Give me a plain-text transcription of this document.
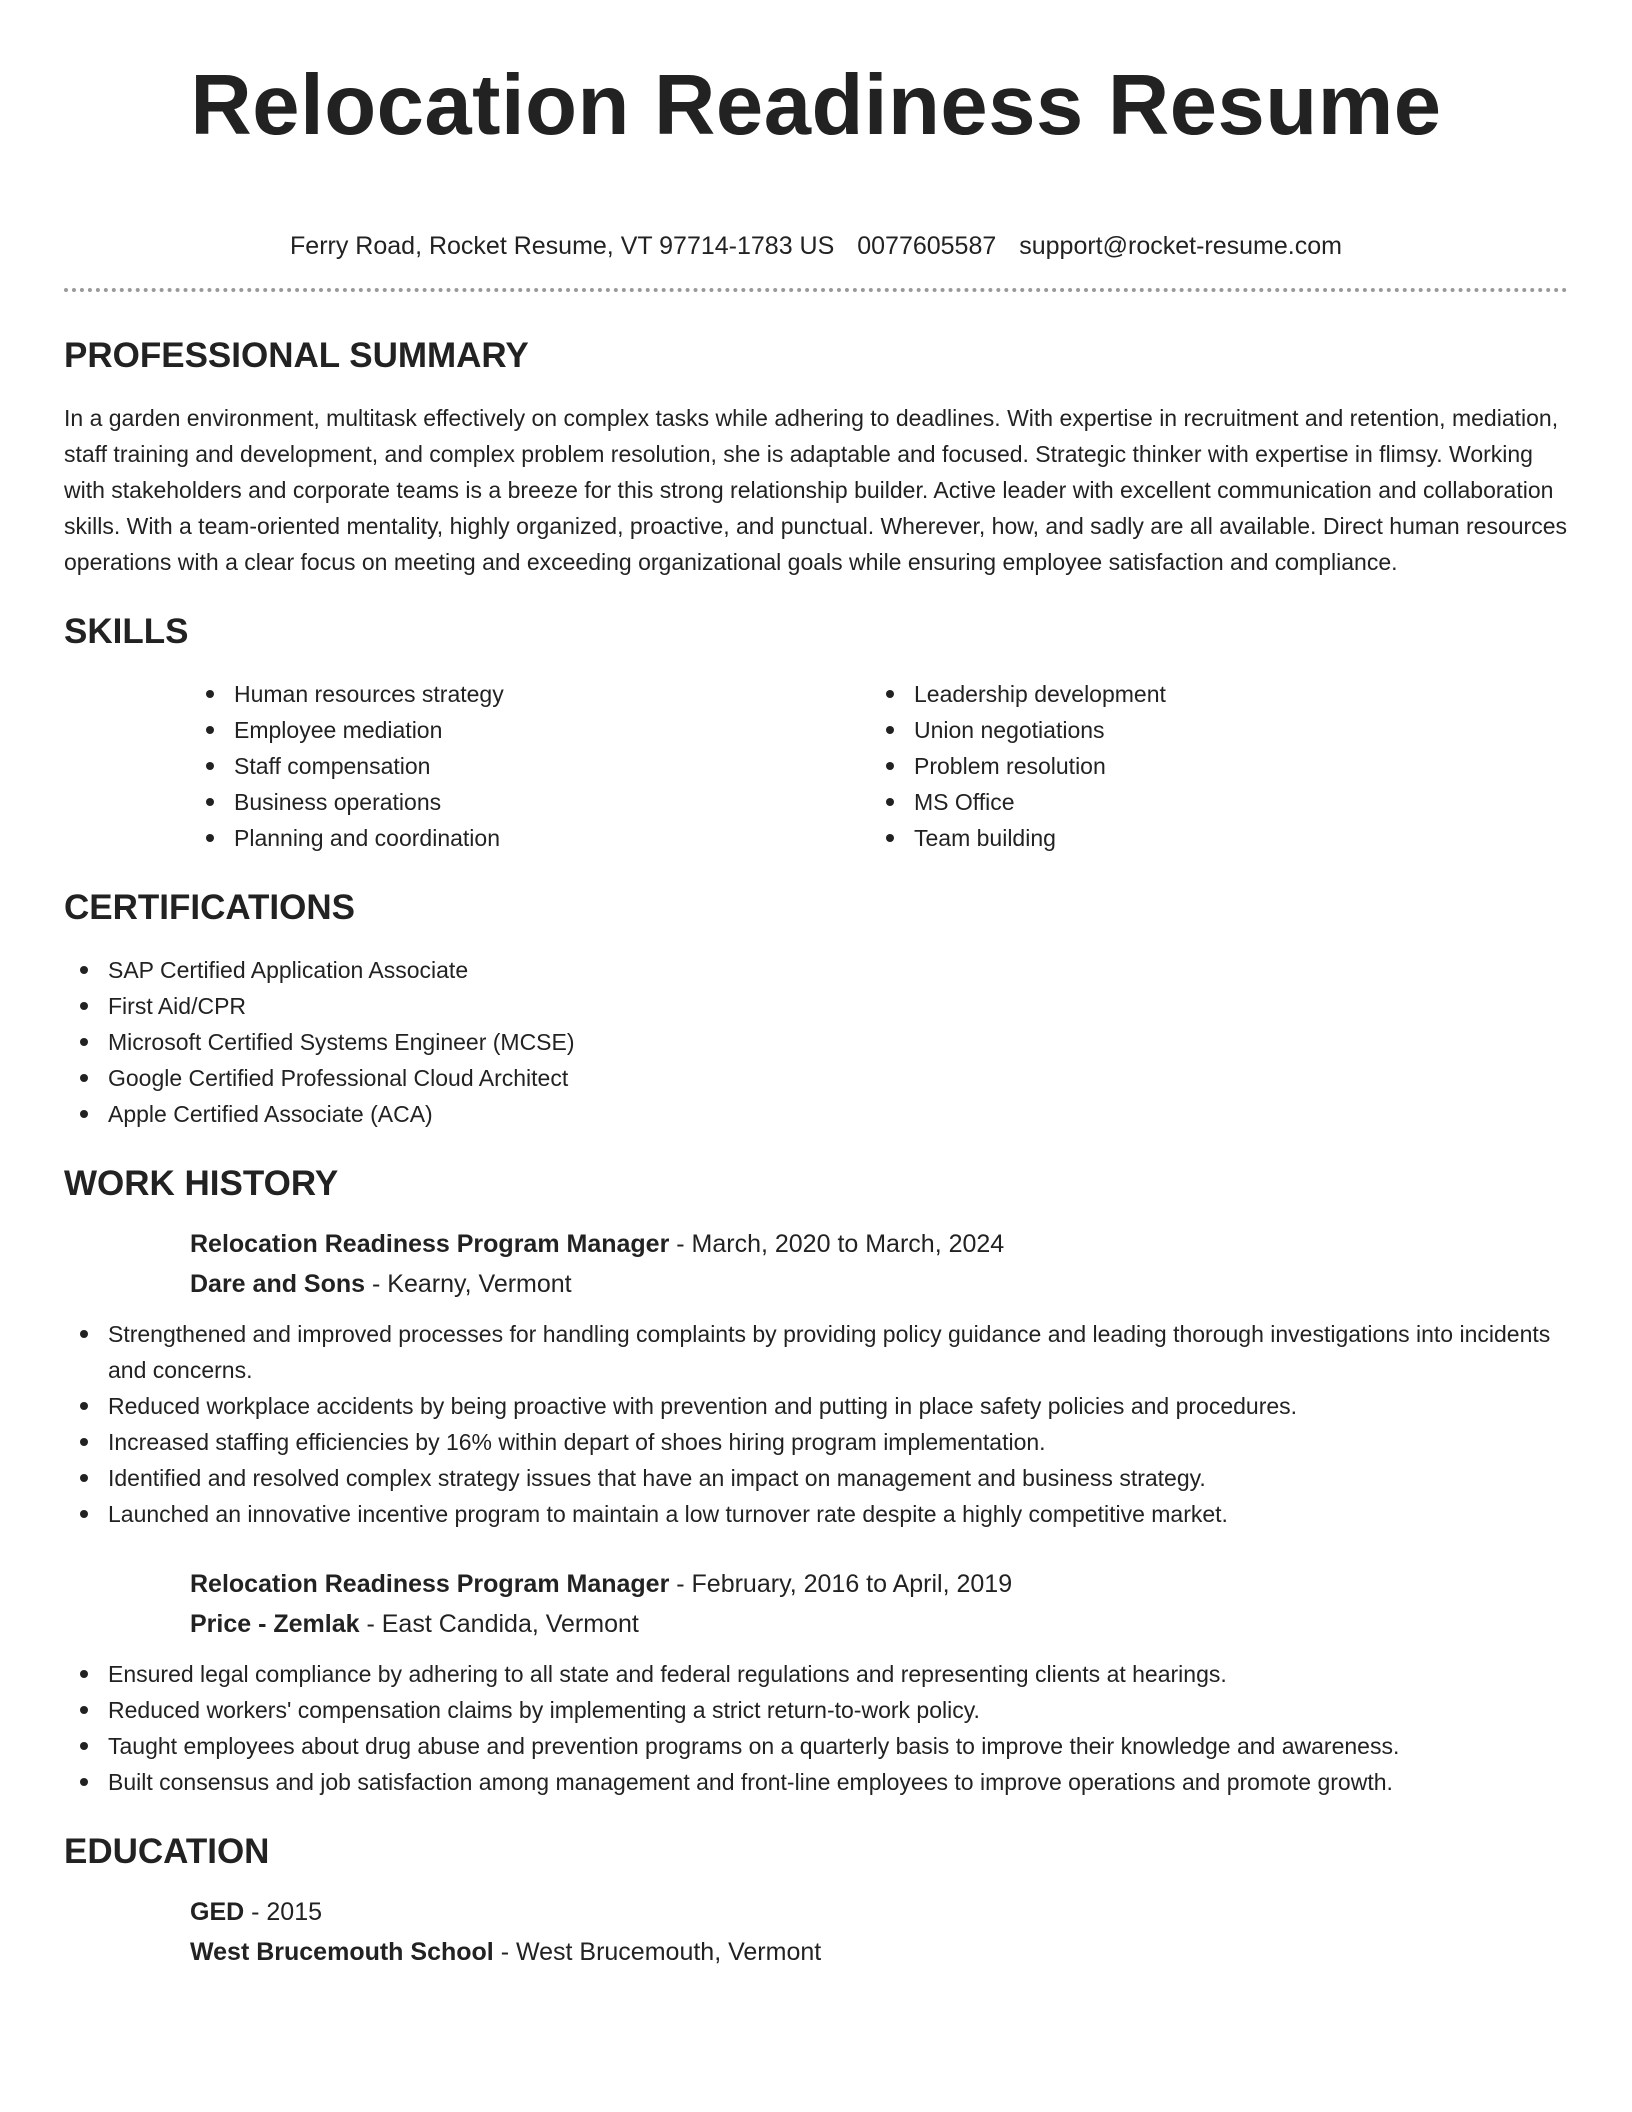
Relocation Readiness Resume
Ferry Road, Rocket Resume, VT 97714-1783 US 0077605587 support@rocket-resume.com
PROFESSIONAL SUMMARY

In a garden environment, multitask effectively on complex tasks while adhering to deadlines. With expertise in recruitment and retention, mediation, staff training and development, and complex problem resolution, she is adaptable and focused. Strategic thinker with expertise in flimsy. Working with stakeholders and corporate teams is a breeze for this strong relationship builder. Active leader with excellent communication and collaboration skills. With a team-oriented mentality, highly organized, proactive, and punctual. Wherever, how, and sadly are all available. Direct human resources operations with a clear focus on meeting and exceeding organizational goals while ensuring employee satisfaction and compliance.

SKILLS
Human resources strategy
Employee mediation
Staff compensation
Business operations
Planning and coordination
Leadership development
Union negotiations
Problem resolution
MS Office
Team building
CERTIFICATIONS
SAP Certified Application Associate
First Aid/CPR
Microsoft Certified Systems Engineer (MCSE)
Google Certified Professional Cloud Architect
Apple Certified Associate (ACA)
WORK HISTORY
Relocation Readiness Program Manager - March, 2020 to March, 2024
Dare and Sons - Kearny, Vermont
Strengthened and improved processes for handling complaints by providing policy guidance and leading thorough investigations into incidents and concerns.
Reduced workplace accidents by being proactive with prevention and putting in place safety policies and procedures.
Increased staffing efficiencies by 16% within depart of shoes hiring program implementation.
Identified and resolved complex strategy issues that have an impact on management and business strategy.
Launched an innovative incentive program to maintain a low turnover rate despite a highly competitive market.
Relocation Readiness Program Manager - February, 2016 to April, 2019
Price - Zemlak - East Candida, Vermont
Ensured legal compliance by adhering to all state and federal regulations and representing clients at hearings.
Reduced workers' compensation claims by implementing a strict return-to-work policy.
Taught employees about drug abuse and prevention programs on a quarterly basis to improve their knowledge and awareness.
Built consensus and job satisfaction among management and front-line employees to improve operations and promote growth.
EDUCATION
GED - 2015
West Brucemouth School - West Brucemouth, Vermont
